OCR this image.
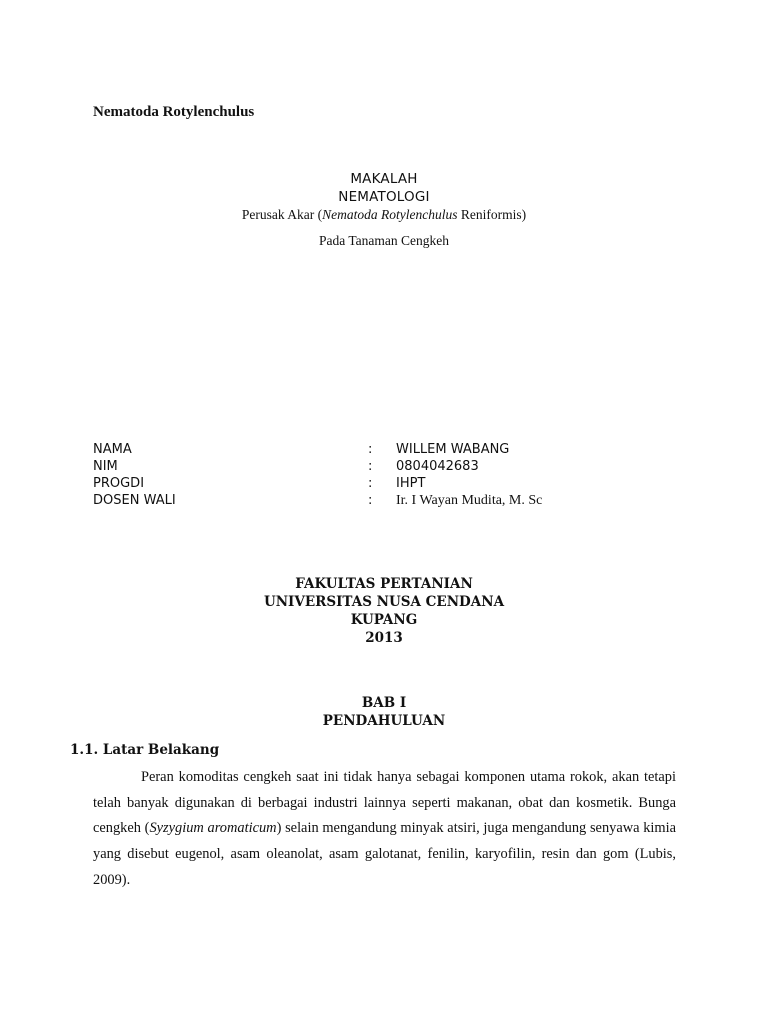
Nematoda Rotylenchulus
MAKALAH
NEMATOLOGI
Perusak Akar (Nematoda Rotylenchulus Reniformis)
Pada Tanaman Cengkeh
NAMA	:	WILLEM WABANG
NIM	:	0804042683
PROGDI	:	IHPT
DOSEN WALI	:	Ir. I Wayan Mudita, M. Sc
FAKULTAS PERTANIAN
UNIVERSITAS NUSA CENDANA
KUPANG
2013
BAB I
PENDAHULUAN
1.1. Latar Belakang
Peran komoditas cengkeh saat ini tidak hanya sebagai komponen utama rokok, akan tetapi telah banyak digunakan di berbagai industri lainnya seperti makanan, obat dan kosmetik. Bunga cengkeh (Syzygium aromaticum) selain mengandung minyak atsiri, juga mengandung senyawa kimia yang disebut eugenol, asam oleanolat, asam galotanat, fenilin, karyofilin, resin dan gom (Lubis, 2009).
